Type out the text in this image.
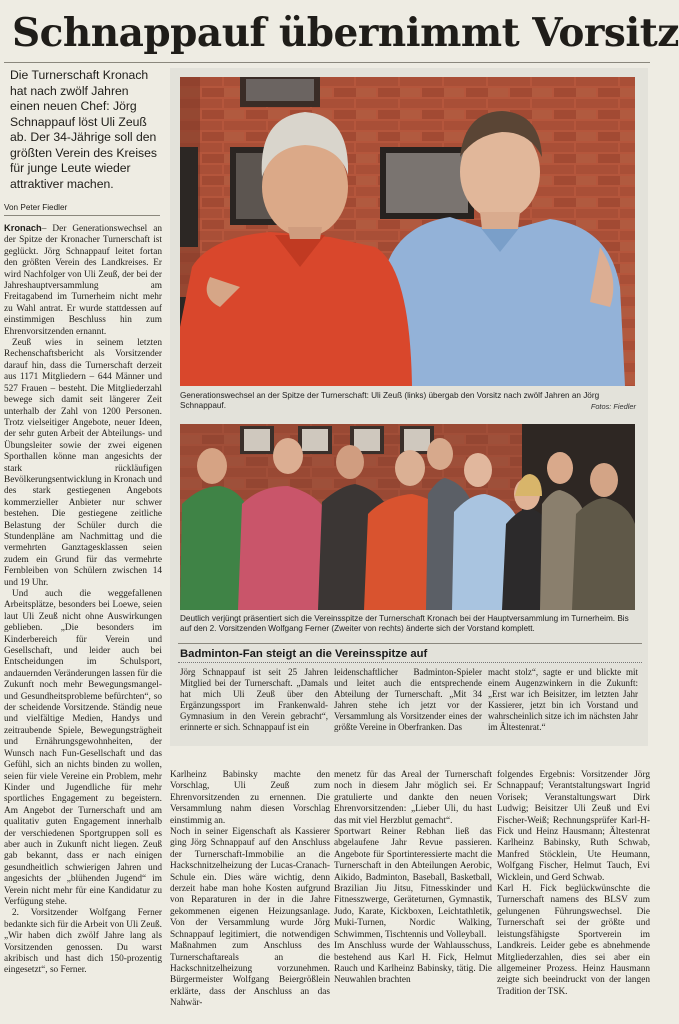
Schnappauf übernimmt Vorsitz
Die Turnerschaft Kronach hat nach zwölf Jahren einen neuen Chef: Jörg Schnappauf löst Uli Zeuß ab. Der 34-Jährige soll den größten Verein des Kreises für junge Leute wieder attraktiver machen.
Von Peter Fiedler

Kronach– Der Generationswechsel an der Spitze der Kronacher Turnerschaft ist geglückt. Jörg Schnappauf leitet fortan den größten Verein des Landkreises. Er wird Nachfolger von Uli Zeuß, der bei der Jahreshauptversammlung am Freitagabend im Turnerheim nicht mehr zu Wahl antrat. Er wurde stattdessen auf einstimmigen Beschluss hin zum Ehrenvorsitzenden ernannt.

Zeuß wies in seinem letzten Rechenschaftsbericht als Vorsitzender darauf hin, dass die Turnerschaft derzeit aus 1171 Mitgliedern – 644 Männer und 527 Frauen – besteht. Die Mitgliederzahl bewege sich damit seit längerer Zeit unterhalb der Zahl von 1200 Personen. Trotz vielseitiger Angebote, neuer Ideen, der sehr guten Arbeit der Abteilungs- und Übungsleiter sowie der zwei eigenen Sporthallen könne man angesichts der stark rückläufigen Bevölkerungsentwicklung in Kronach und des stark gestiegenen Angebots kommerzieller Anbieter nur schwer bestehen. Die gestiegene zeitliche Belastung der Schüler durch die Stundenpläne am Nachmittag und die vermehrten Ganztagesklassen seien zudem ein Grund für das vermehrte Fernbleiben von Schülern zwischen 14 und 19 Uhr.

Und auch die weggefallenen Arbeitsplätze, besonders bei Loewe, seien laut Uli Zeuß nicht ohne Auswirkungen geblieben. „Die besonders im Kinderbereich für Verein und Gesellschaft, und leider auch bei Entscheidungen im Schulsport, andauernden Veränderungen lassen für die Zukunft noch mehr Bewegungsmangel- und Gesundheitsprobleme befürchten“, so der scheidende Vorsitzende. Ständig neue und vielfältige Medien, Handys und zeitraubende Spiele, Bewegungsträgheit und Ernährungsgewohnheiten, der Wunsch nach Fun-Gesellschaft und das Gefühl, sich an nichts binden zu wollen, seien für viele Vereine ein Problem, mehr Kinder und Jugendliche für mehr sportliches Engagement zu begeistern. Am Angebot der Turnerschaft und am qualitativ guten Engagement innerhalb der verschiedenen Sportgruppen soll es aber auch in Zukunft nicht liegen. Zeuß gab bekannt, dass er nach einigen gesundheitlich schwierigen Jahren und angesichts der „blühenden Jugend“ im Verein nicht mehr für eine Kandidatur zu Verfügung stehe.

2. Vorsitzender Wolfgang Ferner bedankte sich für die Arbeit von Uli Zeuß. „Wir haben dich zwölf Jahre lang als Vorsitzenden genossen. Du warst akribisch und hast dich 150-prozentig eingesetzt“, so Ferner.

Generationswechsel an der Spitze der Turnerschaft: Uli Zeuß (links) übergab den Vorsitz nach zwölf Jahren an Jörg Schnappauf.	Fotos: Fiedler
Deutlich verjüngt präsentiert sich die Vereinsspitze der Turnerschaft Kronach bei der Hauptversammlung im Turnerheim. Bis auf den 2. Vorsitzenden Wolfgang Ferner (Zweiter von rechts) änderte sich der Vorstand komplett.
Badminton-Fan steigt an die Vereinsspitze auf
Jörg Schnappauf ist seit 25 Jahren Mitglied bei der Turnerschaft. „Damals hat mich Uli Zeuß über den Ergänzungssport im Frankenwald-Gymnasium in den Verein gebracht“, erinnerte er sich. Schnappauf ist ein
leidenschaftlicher Badminton-Spieler und leitet auch die entsprechende Abteilung der Turnerschaft. „Mit 34 Jahren stehe ich jetzt vor der Versammlung als Vorsitzender eines der größte Vereine in Oberfranken. Das
macht stolz“, sagte er und blickte mit einem Augenzwinkern in die Zukunft: „Erst war ich Beisitzer, im letzten Jahr Kassierer, jetzt bin ich Vorstand und wahrscheinlich sitze ich im nächsten Jahr im Ältestenrat.“
Karlheinz Babinsky machte den Vorschlag, Uli Zeuß zum Ehrenvorsitzenden zu ernennen. Die Versammlung nahm diesen Vorschlag einstimmig an.
Noch in seiner Eigenschaft als Kassierer ging Jörg Schnappauf auf den Anschluss der Turnerschaft-Immobilie an die Hackschnitzelheizung der Lucas-Cranach-Schule ein. Dies wäre wichtig, denn derzeit habe man hohe Kosten aufgrund von Reparaturen in der in die Jahre gekommenen eigenen Heizungsanlage. Von der Versammlung wurde Jörg Schnappauf legitimiert, die notwendigen Maßnahmen zum Anschluss des Turnerschaftareals an die Hackschnitzelheizung vorzunehmen. Bürgermeister Wolfgang Beiergrößlein erklärte, dass der Anschluss an das Nahwär-
menetz für das Areal der Turnerschaft noch in diesem Jahr möglich sei. Er gratulierte und dankte den neuen Ehrenvorsitzenden: „Lieber Uli, du hast das mit viel Herzblut gemacht“.
Sportwart Reiner Rebhan ließ das abgelaufene Jahr Revue passieren. Angebote für Sportinteressierte macht die Turnerschaft in den Abteilungen Aerobic, Aikido, Badminton, Baseball, Basketball, Brazilian Jiu Jitsu, Fitnesskinder und Fitnesszwerge, Geräteturnen, Gymnastik, Judo, Karate, Kickboxen, Leichtathletik, Muki-Turnen, Nordic Walking, Schwimmen, Tischtennis und Volleyball.
Im Anschluss wurde der Wahlausschuss, bestehend aus Karl H. Fick, Helmut Rauch und Karlheinz Babinsky, tätig. Die Neuwahlen brachten
folgendes Ergebnis: Vorsitzender Jörg Schnappauf; Verantstaltungswart Ingrid Vorisek; Veranstaltungswart Dirk Ludwig; Beisitzer Uli Zeuß und Evi Fischer-Weiß; Rechnungsprüfer Karl-H- Fick und Heinz Hausmann; Ältestenrat Karlheinz Babinsky, Ruth Schwab, Manfred Stöcklein, Ute Heumann, Wolfgang Fischer, Helmut Tauch, Evi Wicklein, und Gerd Schwab.
Karl H. Fick beglückwünschte die Turnerschaft namens des BLSV zum gelungenen Führungswechsel. Die Turnerschaft sei der größte und leistungsfähigste Sportverein im Landkreis. Leider gebe es abnehmende Mitgliederzahlen, dies sei aber ein allgemeiner Prozess. Heinz Hausmann zeigte sich beeindruckt von der langen Tradition der TSK.
